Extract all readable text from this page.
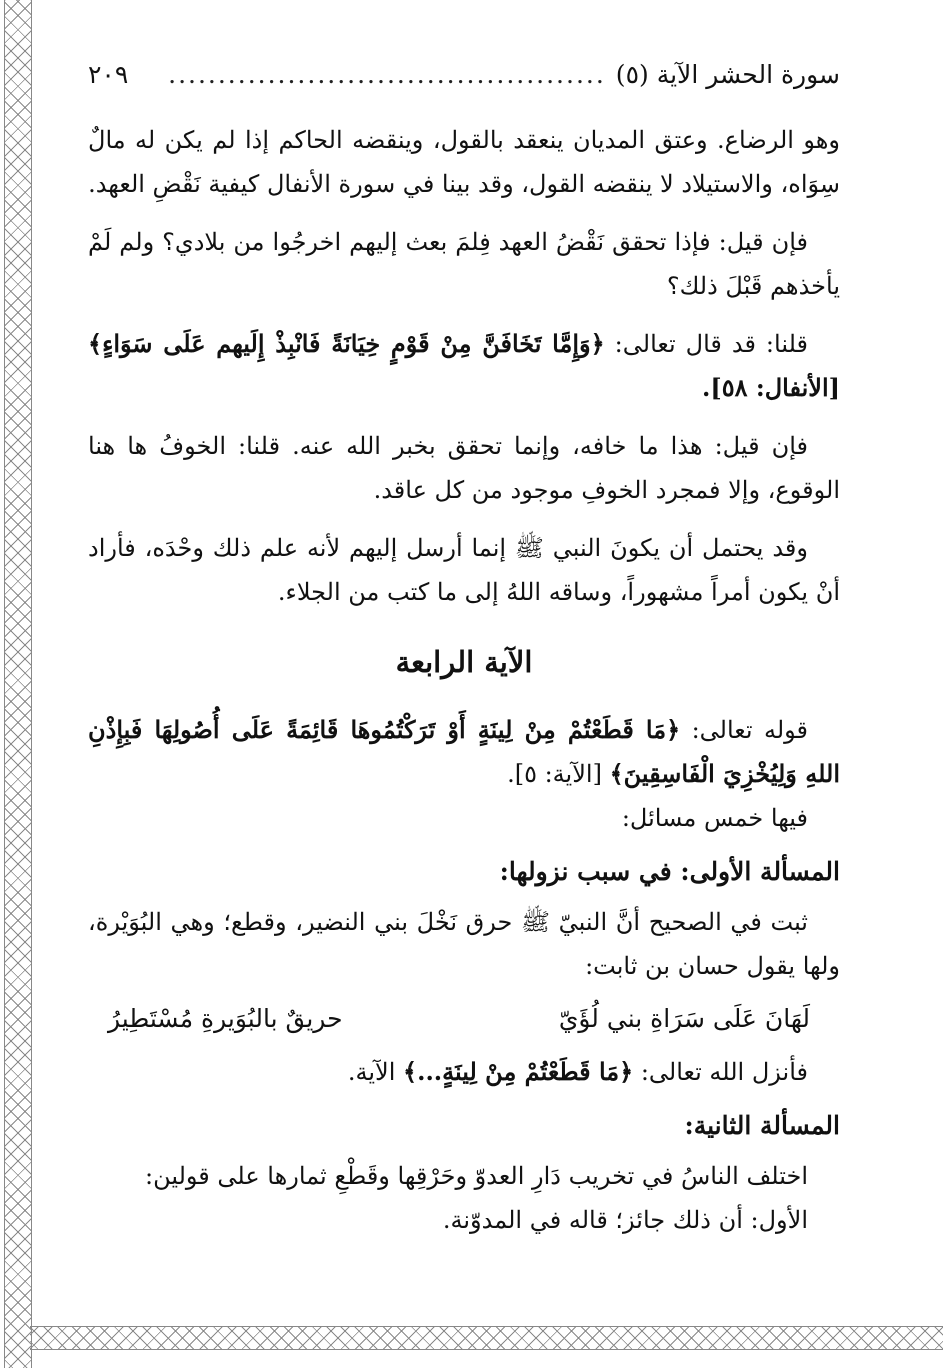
سورة الحشر الآية (٥)
............................................
٢٠٩

وهو الرضاع. وعتق المديان ينعقد بالقول، وينقضه الحاكم إذا لم يكن له مالٌ سِوَاه، والاستيلاد لا ينقضه القول، وقد بينا في سورة الأنفال كيفية نَقْضِ العهد.

فإن قيل: فإذا تحقق نَقْضُ العهد فِلمَ بعث إليهم اخرجُوا من بلادي؟ ولم لَمْ يأخذهم قَبْلَ ذلك؟

قلنا: قد قال تعالى: ﴿وَإِمَّا تَخَافَنَّ مِنْ قَوْمٍ خِيَانَةً فَانْبِذْ إِلَيهم عَلَى سَوَاءٍ﴾ [الأنفال: ٥٨].

فإن قيل: هذا ما خافه، وإنما تحقق بخبر الله عنه. قلنا: الخوفُ ها هنا الوقوع، وإلا فمجرد الخوفِ موجود من كل عاقد.

وقد يحتمل أن يكونَ النبي ﷺ إنما أرسل إليهم لأنه علم ذلك وحْدَه، فأراد أنْ يكون أمراً مشهوراً، وساقه اللهُ إلى ما كتب من الجلاء.

الآية الرابعة

قوله تعالى: ﴿مَا قَطَعْتُمْ مِنْ لِينَةٍ أَوْ تَرَكْتُمُوهَا قَائِمَةً عَلَى أُصُولِهَا فَبِإِذْنِ اللهِ وَلِيُخْزِيَ الْفَاسِقِينَ﴾ [الآية: ٥].

فيها خمس مسائل:

المسألة الأولى: في سبب نزولها:

ثبت في الصحيح أنَّ النبيّ ﷺ حرق نَخْلَ بني النضير، وقطع؛ وهي البُوَيْرة، ولها يقول حسان بن ثابت:

لَهَانَ عَلَى سَرَاةِ بني لُؤَيّ
حريقٌ بالبُوَيرةِ مُسْتَطِيرُ

فأنزل الله تعالى: ﴿مَا قَطَعْتُمْ مِنْ لِينَةٍ...﴾ الآية.

المسألة الثانية:

اختلف الناسُ في تخريب دَارِ العدوّ وحَرْقِها وقَطْعِ ثمارها على قولين:

الأول: أن ذلك جائز؛ قاله في المدوّنة.
